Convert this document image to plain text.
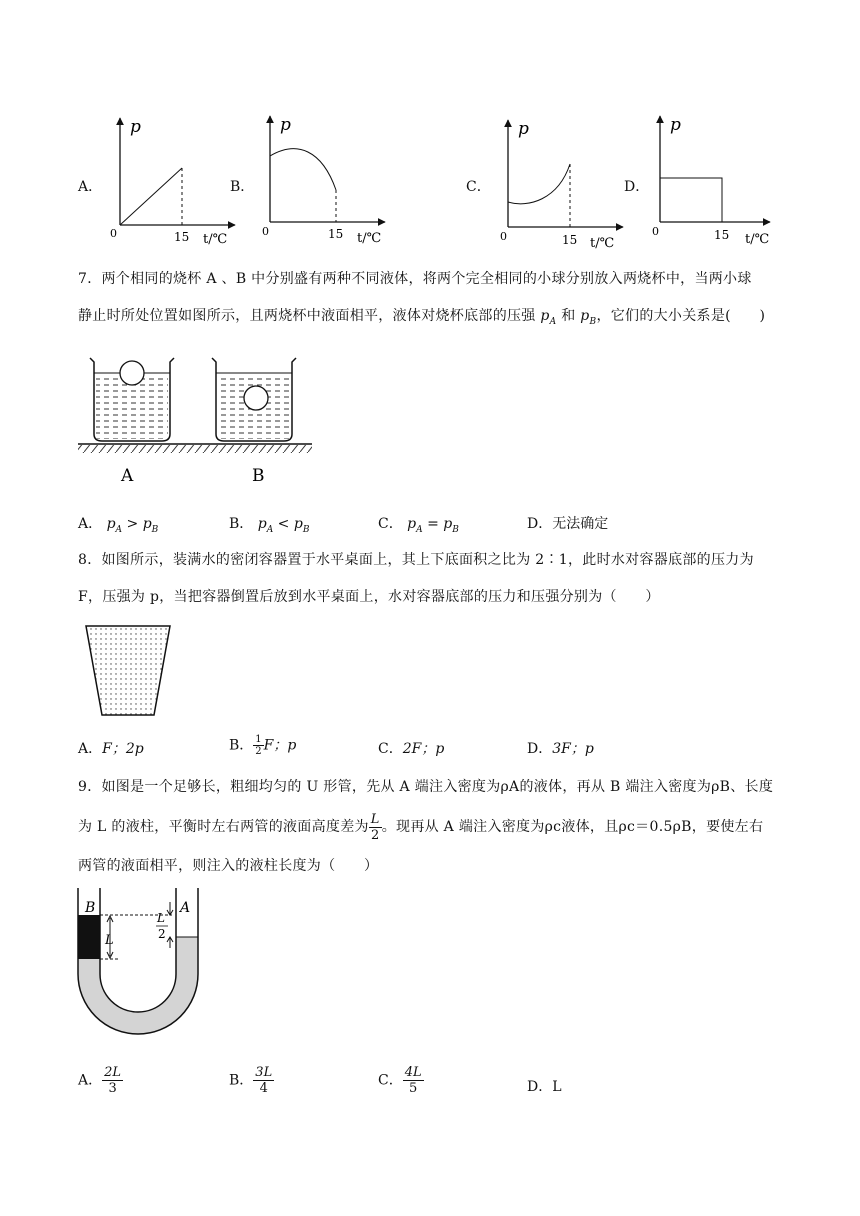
A．
p
0	15 t/℃
B．
p
0	15 t/℃
C．
p
0	15 t/℃
D．
p
0	15 t/℃
7．两个相同的烧杯 A 、B 中分别盛有两种不同液体，将两个完全相同的小球分别放入两烧杯中，当两小球
静止时所处位置如图所示，且两烧杯中液面相平，液体对烧杯底部的压强 $p_A$ 和 $p_B$，它们的大小关系是(　　)
A	B
A． $p_A > p_B$	B． $p_A < p_B$	C． $p_A = p_B$	D．无法确定
8．如图所示，装满水的密闭容器置于水平桌面上，其上下底面积之比为 2∶1，此时水对容器底部的压力为
F，压强为 p，当把容器倒置后放到水平桌面上，水对容器底部的压力和压强分别为（　　）
A．F；2p	B． $\frac{1}{2}$ F；p	C．2F；p	D．3F；p
9．如图是一个足够长，粗细均匀的 U 形管，先从 A 端注入密度为ρA的液体，再从 B 端注入密度为ρB、长度
为 L 的液柱，平衡时左右两管的液面高度差为 $\frac{L}{2}$ 。现再从 A 端注入密度为ρc液体，且ρc＝0.5ρB，要使左右
两管的液面相平，则注入的液柱长度为（　　）
B	A
L
L
2
A． $\frac{2L}{3}$	B． $\frac{3L}{4}$	C． $\frac{4L}{5}$	D．L
